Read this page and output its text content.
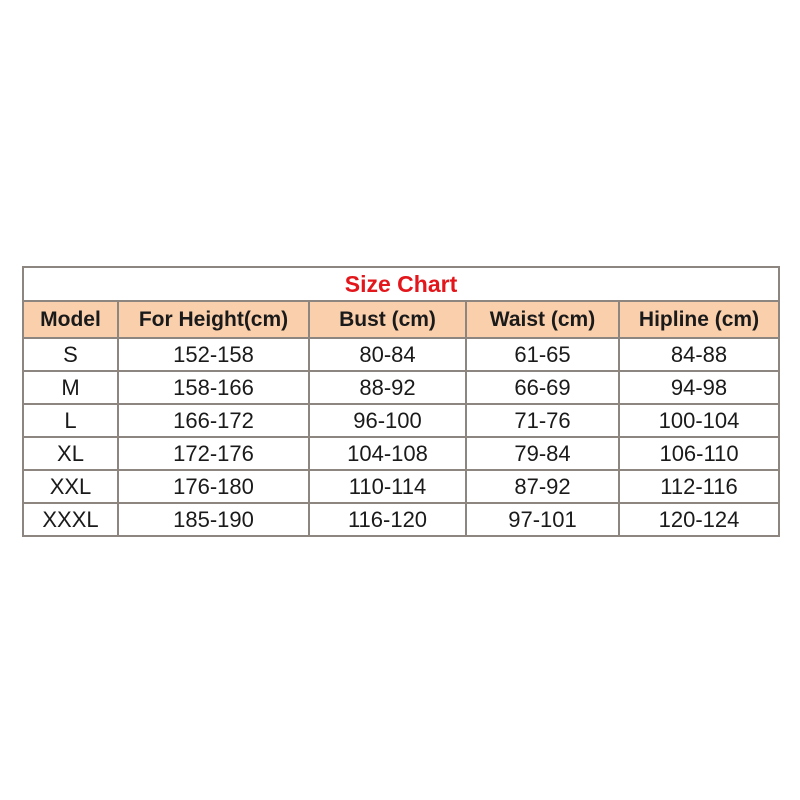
Size Chart				
Model	For Height(cm)	Bust (cm)	Waist (cm)	Hipline (cm)
S	152-158	80-84	61-65	84-88
M	158-166	88-92	66-69	94-98
L	166-172	96-100	71-76	100-104
XL	172-176	104-108	79-84	106-110
XXL	176-180	110-114	87-92	112-116
XXXL	185-190	116-120	97-101	120-124
